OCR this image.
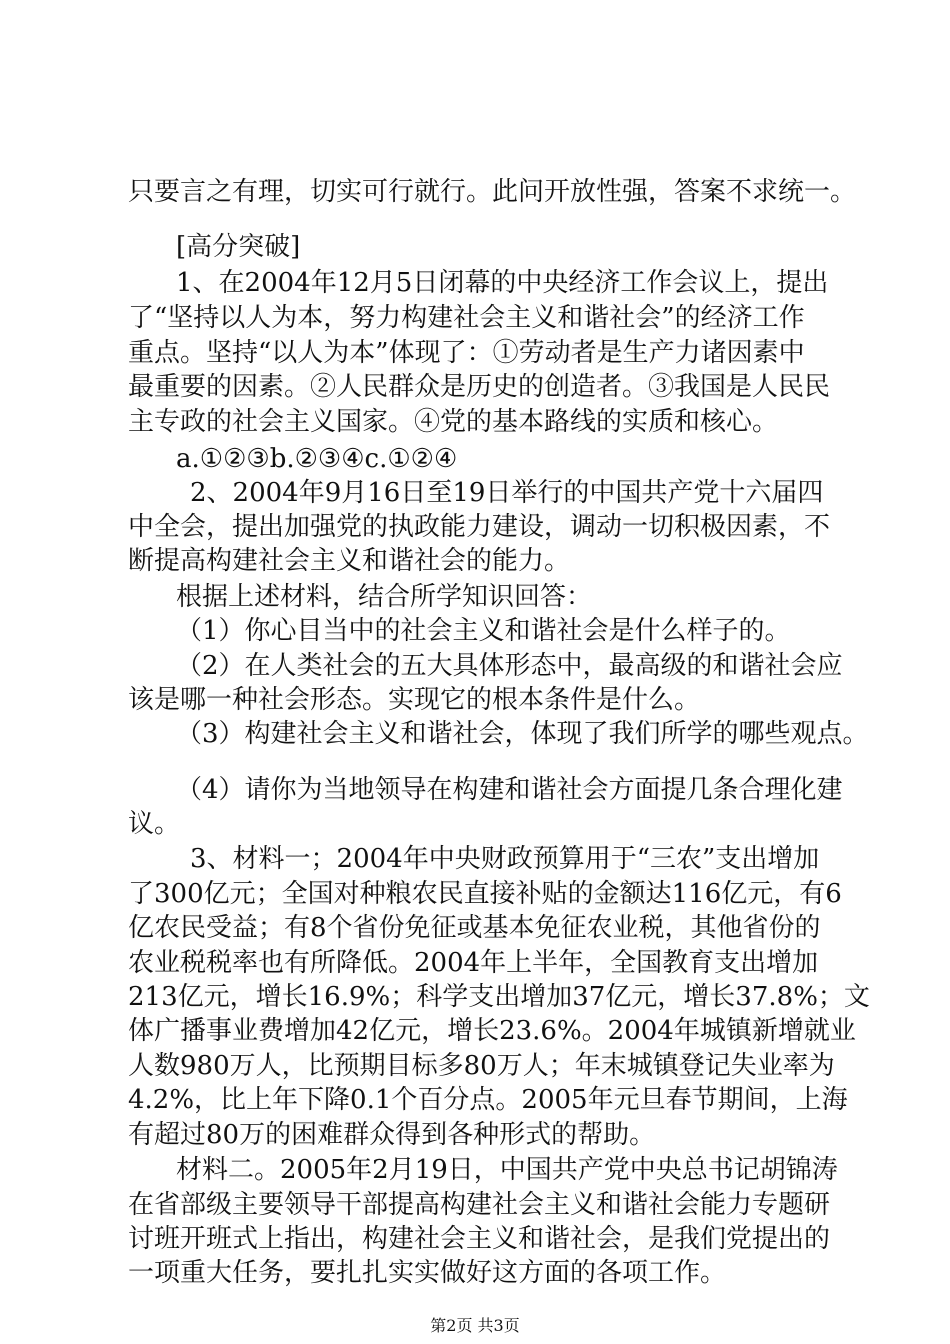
只要言之有理，切实可行就行。此问开放性强，答案不求统一。
[高分突破]
1、在2004年12月5日闭幕的中央经济工作会议上，提出
了“坚持以人为本，努力构建社会主义和谐社会”的经济工作
重点。坚持“以人为本”体现了：①劳动者是生产力诸因素中
最重要的因素。②人民群众是历史的创造者。③我国是人民民
主专政的社会主义国家。④党的基本路线的实质和核心。
a.①②③b.②③④c.①②④
2、2004年9月16日至19日举行的中国共产党十六届四
中全会，提出加强党的执政能力建设，调动一切积极因素，不
断提高构建社会主义和谐社会的能力。
根据上述材料，结合所学知识回答：
（1）你心目当中的社会主义和谐社会是什么样子的。
（2）在人类社会的五大具体形态中，最高级的和谐社会应
该是哪一种社会形态。实现它的根本条件是什么。
（3）构建社会主义和谐社会，体现了我们所学的哪些观点。
（4）请你为当地领导在构建和谐社会方面提几条合理化建
议。
3、材料一；2004年中央财政预算用于“三农”支出增加
了300亿元；全国对种粮农民直接补贴的金额达116亿元，有6
亿农民受益；有8个省份免征或基本免征农业税，其他省份的
农业税税率也有所降低。2004年上半年，全国教育支出增加
213亿元，增长16.9%；科学支出增加37亿元，增长37.8%；文
体广播事业费增加42亿元，增长23.6%。2004年城镇新增就业
人数980万人，比预期目标多80万人；年末城镇登记失业率为
4.2%，比上年下降0.1个百分点。2005年元旦春节期间，上海
有超过80万的困难群众得到各种形式的帮助。
材料二。2005年2月19日，中国共产党中央总书记胡锦涛
在省部级主要领导干部提高构建社会主义和谐社会能力专题研
讨班开班式上指出，构建社会主义和谐社会，是我们党提出的
一项重大任务，要扎扎实实做好这方面的各项工作。
第2页 共3页
